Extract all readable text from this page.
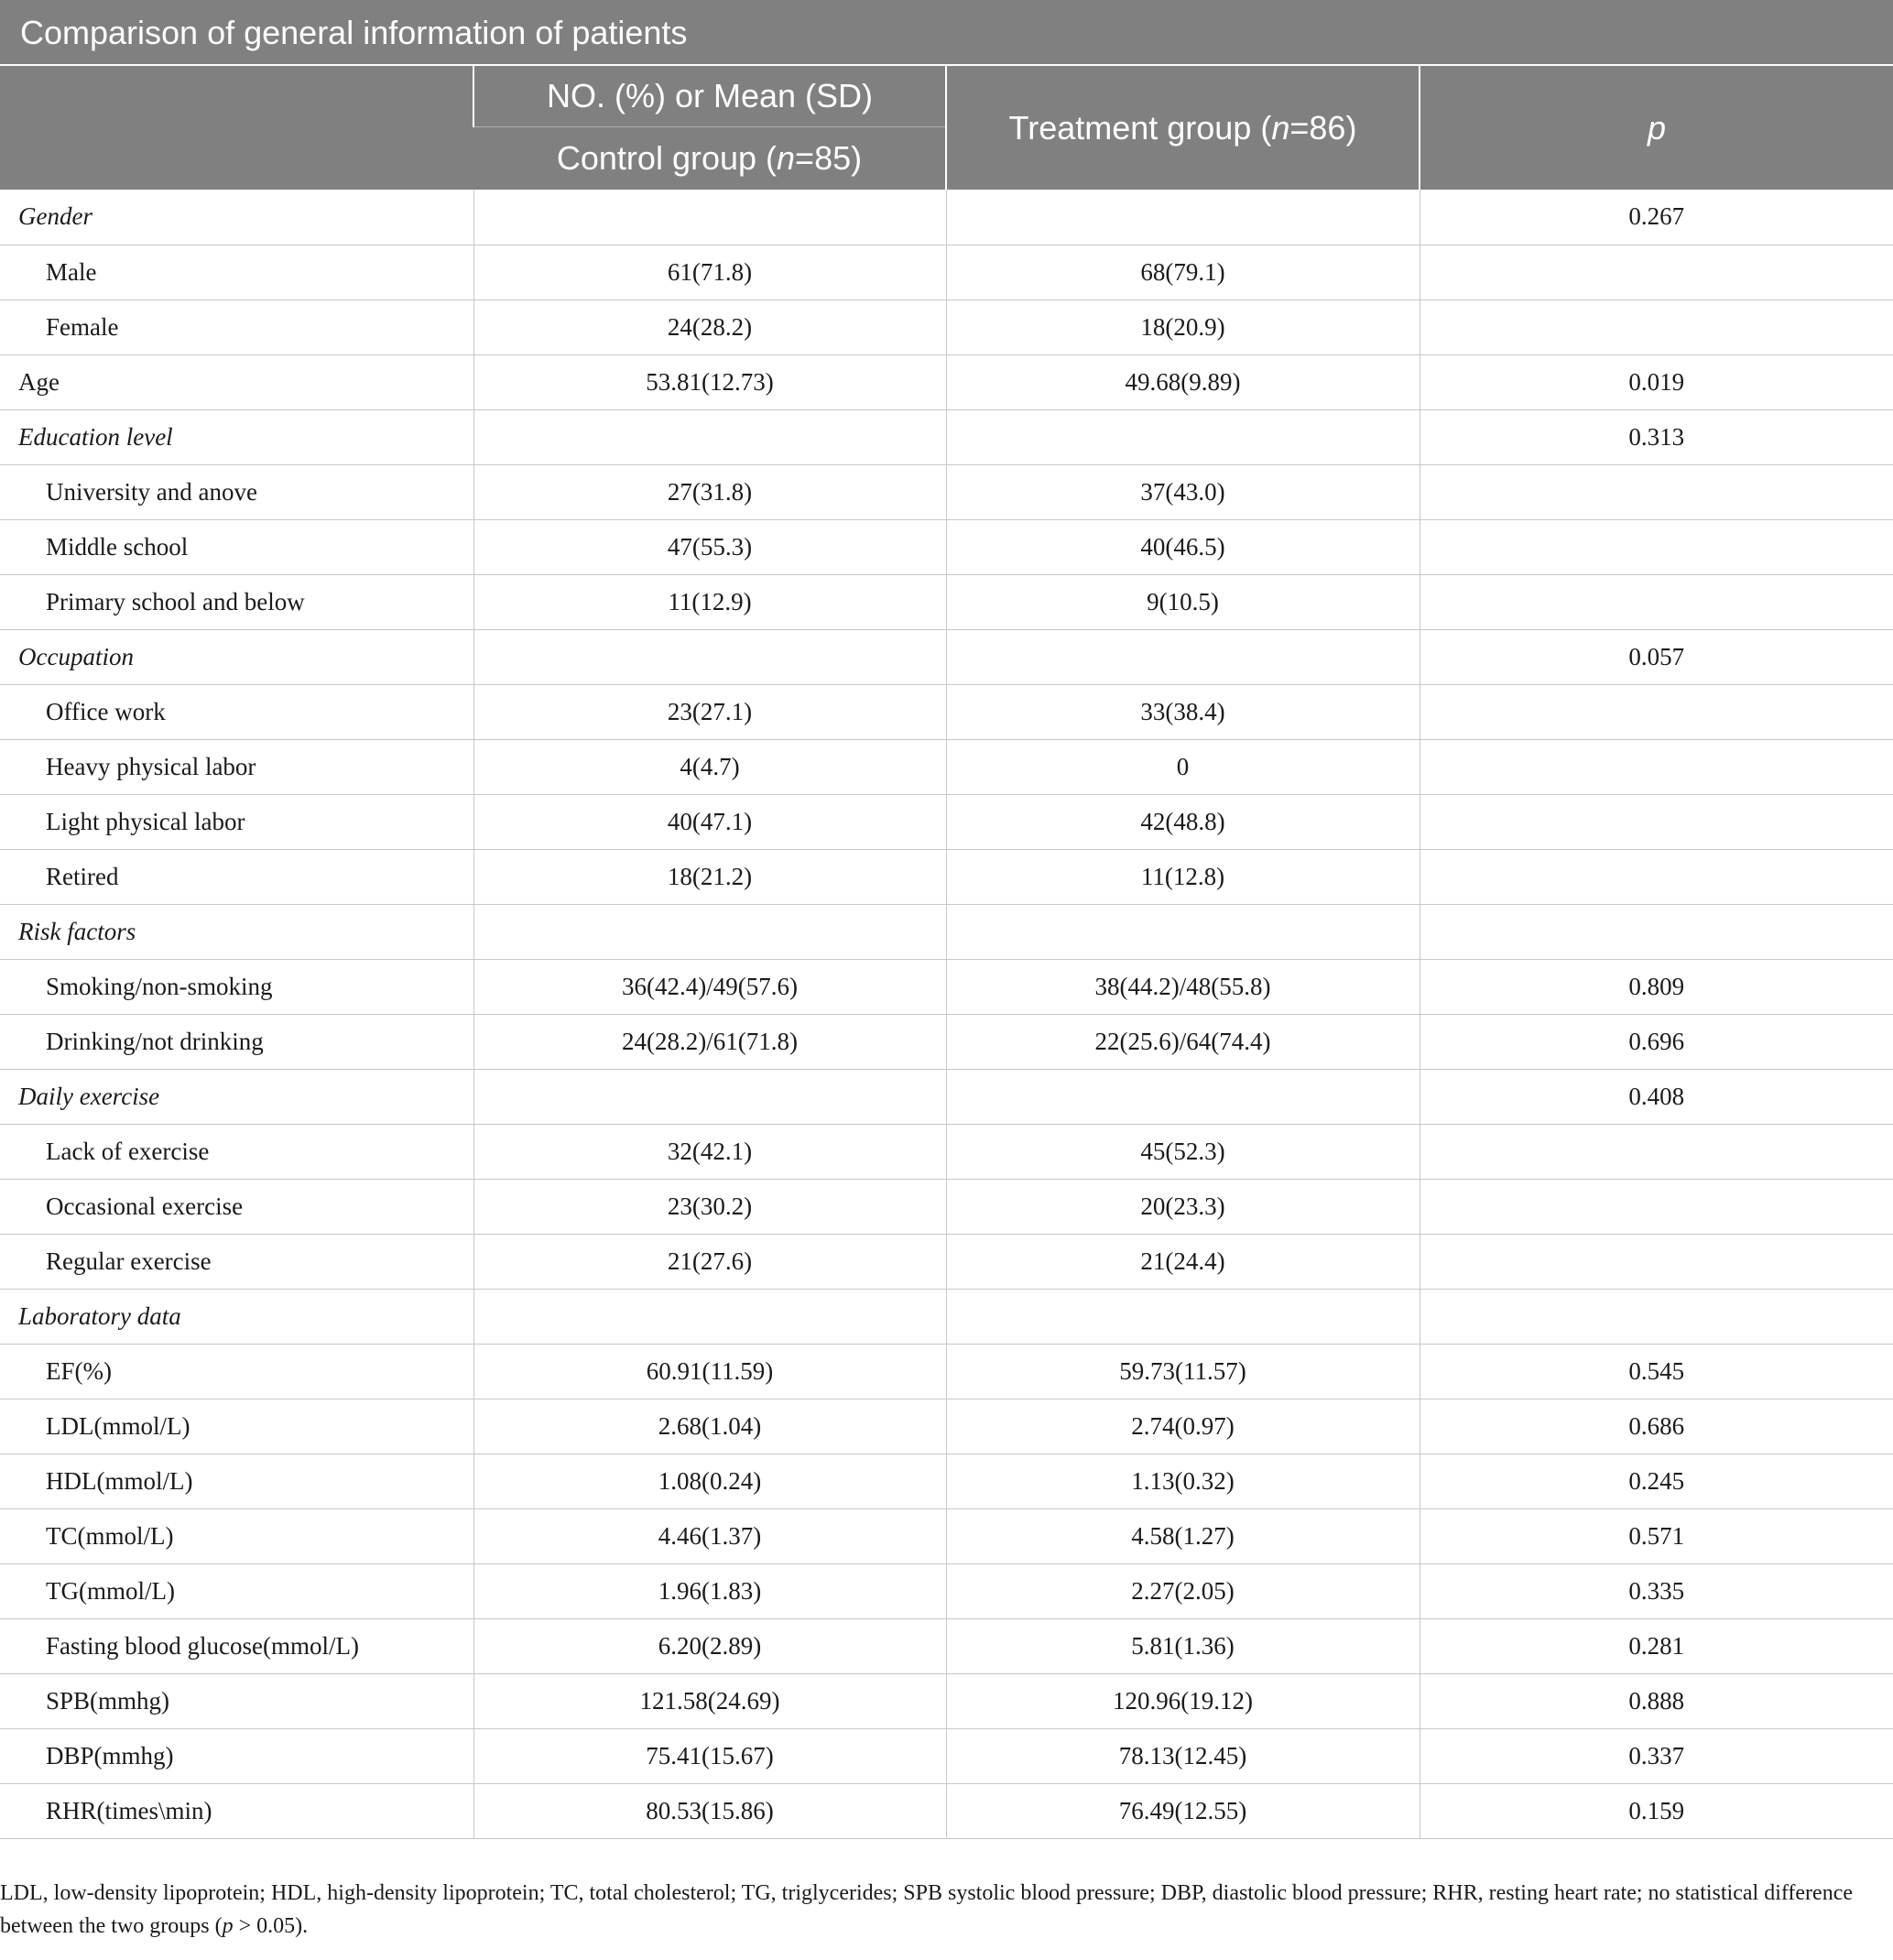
Comparison of general information of patients
	NO. (%) or Mean (SD)	Treatment group (n=86)	p
	Control group (n=85)		
Gender			0.267
Male	61(71.8)	68(79.1)	
Female	24(28.2)	18(20.9)	
Age	53.81(12.73)	49.68(9.89)	0.019
Education level			0.313
University and anove	27(31.8)	37(43.0)	
Middle school	47(55.3)	40(46.5)	
Primary school and below	11(12.9)	9(10.5)	
Occupation			0.057
Office work	23(27.1)	33(38.4)	
Heavy physical labor	4(4.7)	0	
Light physical labor	40(47.1)	42(48.8)	
Retired	18(21.2)	11(12.8)	
Risk factors			
Smoking/non-smoking	36(42.4)/49(57.6)	38(44.2)/48(55.8)	0.809
Drinking/not drinking	24(28.2)/61(71.8)	22(25.6)/64(74.4)	0.696
Daily exercise			0.408
Lack of exercise	32(42.1)	45(52.3)	
Occasional exercise	23(30.2)	20(23.3)	
Regular exercise	21(27.6)	21(24.4)	
Laboratory data			
EF(%)	60.91(11.59)	59.73(11.57)	0.545
LDL(mmol/L)	2.68(1.04)	2.74(0.97)	0.686
HDL(mmol/L)	1.08(0.24)	1.13(0.32)	0.245
TC(mmol/L)	4.46(1.37)	4.58(1.27)	0.571
TG(mmol/L)	1.96(1.83)	2.27(2.05)	0.335
Fasting blood glucose(mmol/L)	6.20(2.89)	5.81(1.36)	0.281
SPB(mmhg)	121.58(24.69)	120.96(19.12)	0.888
DBP(mmhg)	75.41(15.67)	78.13(12.45)	0.337
RHR(times\min)	80.53(15.86)	76.49(12.55)	0.159
LDL, low-density lipoprotein; HDL, high-density lipoprotein; TC, total cholesterol; TG, triglycerides; SPB systolic blood pressure; DBP, diastolic blood pressure; RHR, resting heart rate; no statistical difference between the two groups (p > 0.05).
